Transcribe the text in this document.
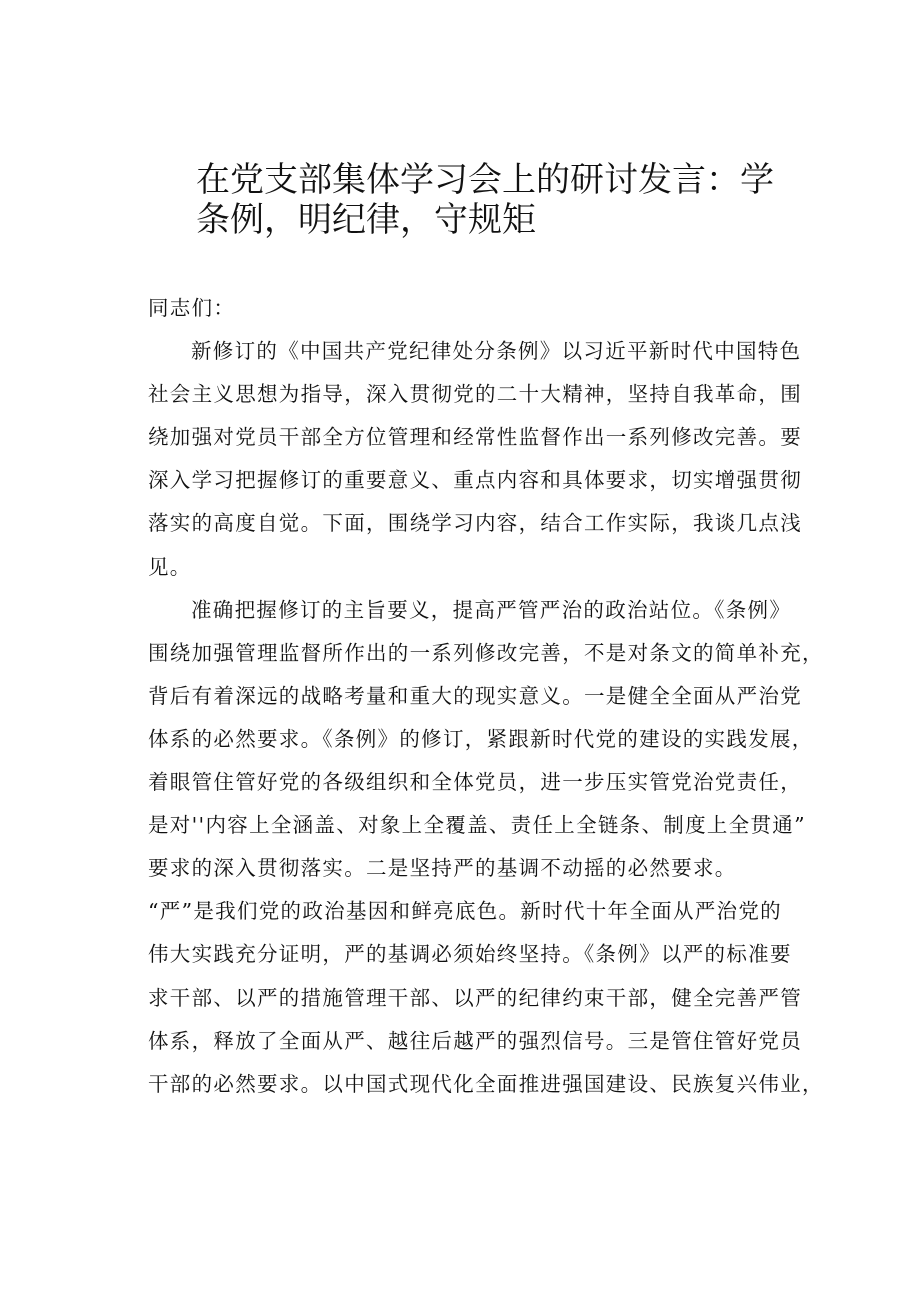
在党支部集体学习会上的研讨发言：学
条例，明纪律，守规矩

同志们：

新修订的《中国共产党纪律处分条例》以习近平新时代中国特色

社会主义思想为指导，深入贯彻党的二十大精神，坚持自我革命，围

绕加强对党员干部全方位管理和经常性监督作出一系列修改完善。要

深入学习把握修订的重要意义、重点内容和具体要求，切实增强贯彻

落实的高度自觉。下面，围绕学习内容，结合工作实际，我谈几点浅

见。

准确把握修订的主旨要义，提高严管严治的政治站位。《条例》

围绕加强管理监督所作出的一系列修改完善，不是对条文的简单补充，

背后有着深远的战略考量和重大的现实意义。一是健全全面从严治党

体系的必然要求。《条例》的修订，紧跟新时代党的建设的实践发展，

着眼管住管好党的各级组织和全体党员，进一步压实管党治党责任，

是对''内容上全涵盖、对象上全覆盖、责任上全链条、制度上全贯通”

要求的深入贯彻落实。二是坚持严的基调不动摇的必然要求。

“严”是我们党的政治基因和鲜亮底色。新时代十年全面从严治党的

伟大实践充分证明，严的基调必须始终坚持。《条例》以严的标准要

求干部、以严的措施管理干部、以严的纪律约束干部，健全完善严管

体系，释放了全面从严、越往后越严的强烈信号。三是管住管好党员

干部的必然要求。以中国式现代化全面推进强国建设、民族复兴伟业，
